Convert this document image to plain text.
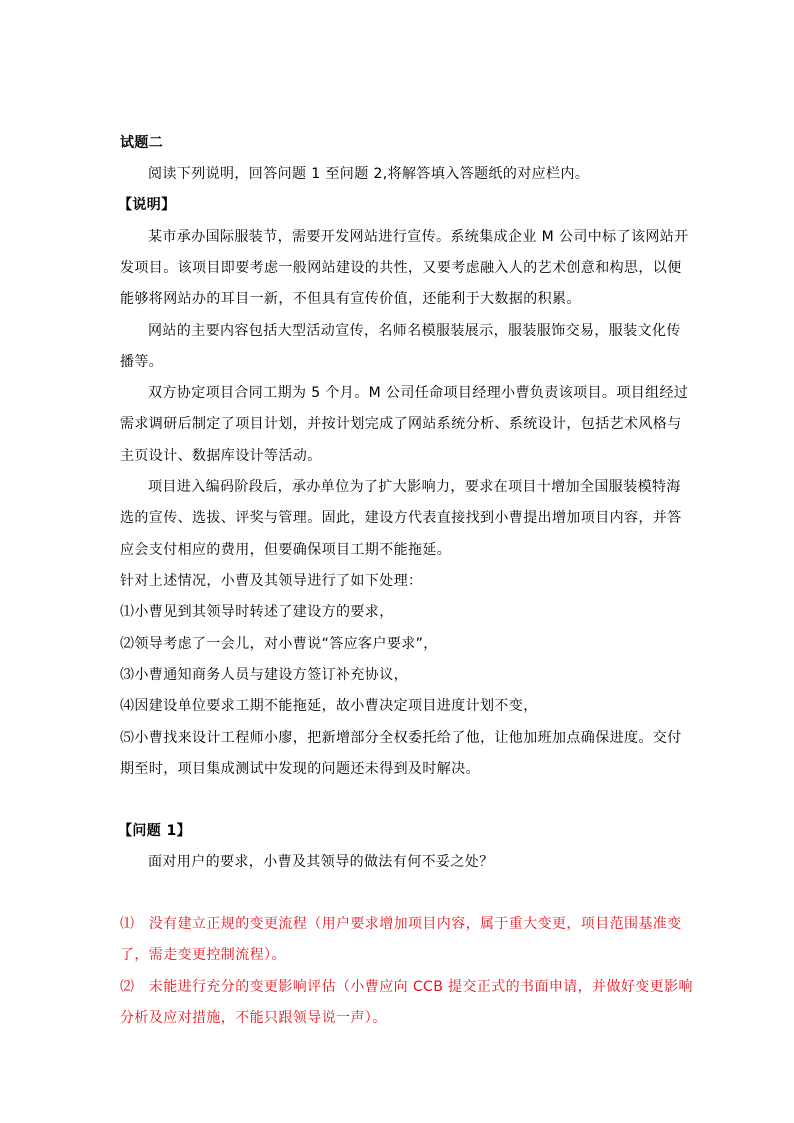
试题二
阅读下列说明，回答问题 1 至问题 2,将解答填入答题纸的对应栏内。
【说明】
某市承办国际服装节，需要开发网站进行宣传。系统集成企业 M 公司中标了该网站开
发项目。该项目即要考虑一般网站建设的共性，又要考虑融入人的艺术创意和构思，以便
能够将网站办的耳目一新，不但具有宣传价值，还能利于大数据的积累。
网站的主要内容包括大型活动宣传，名师名模服装展示，服装服饰交易，服装文化传
播等。
双方协定项目合同工期为 5 个月。M 公司任命项目经理小曹负责该项目。项目组经过
需求调研后制定了项目计划，并按计划完成了网站系统分析、系统设计，包括艺术风格与
主页设计、数据库设计等活动。
项目进入编码阶段后，承办单位为了扩大影响力，要求在项目十增加全国服装模特海
选的宣传、选拔、评奖与管理。固此，建设方代表直接找到小曹提出增加项目内容，并答
应会支付相应的费用，但要确保项目工期不能拖延。
针对上述情况，小曹及其领导进行了如下处理：
⑴小曹见到其领导时转述了建设方的要求，
⑵领导考虑了一会儿，对小曹说“答应客户要求”，
⑶小曹通知商务人员与建设方签订补充协议，
⑷因建设单位要求工期不能拖延，故小曹决定项目进度计划不变，
⑸小曹找来设计工程师小廖，把新增部分全权委托给了他，让他加班加点确保进度。交付
期至时，项目集成测试中发现的问题还未得到及时解决。
【问题 1】
面对用户的要求，小曹及其领导的做法有何不妥之处？
⑴　没有建立正规的变更流程（用户要求增加项目内容，属于重大变更，项目范围基准变
了，需走变更控制流程）。
⑵　未能进行充分的变更影响评估（小曹应向 CCB 提交正式的书面申请，并做好变更影响
分析及应对措施，不能只跟领导说一声）。
